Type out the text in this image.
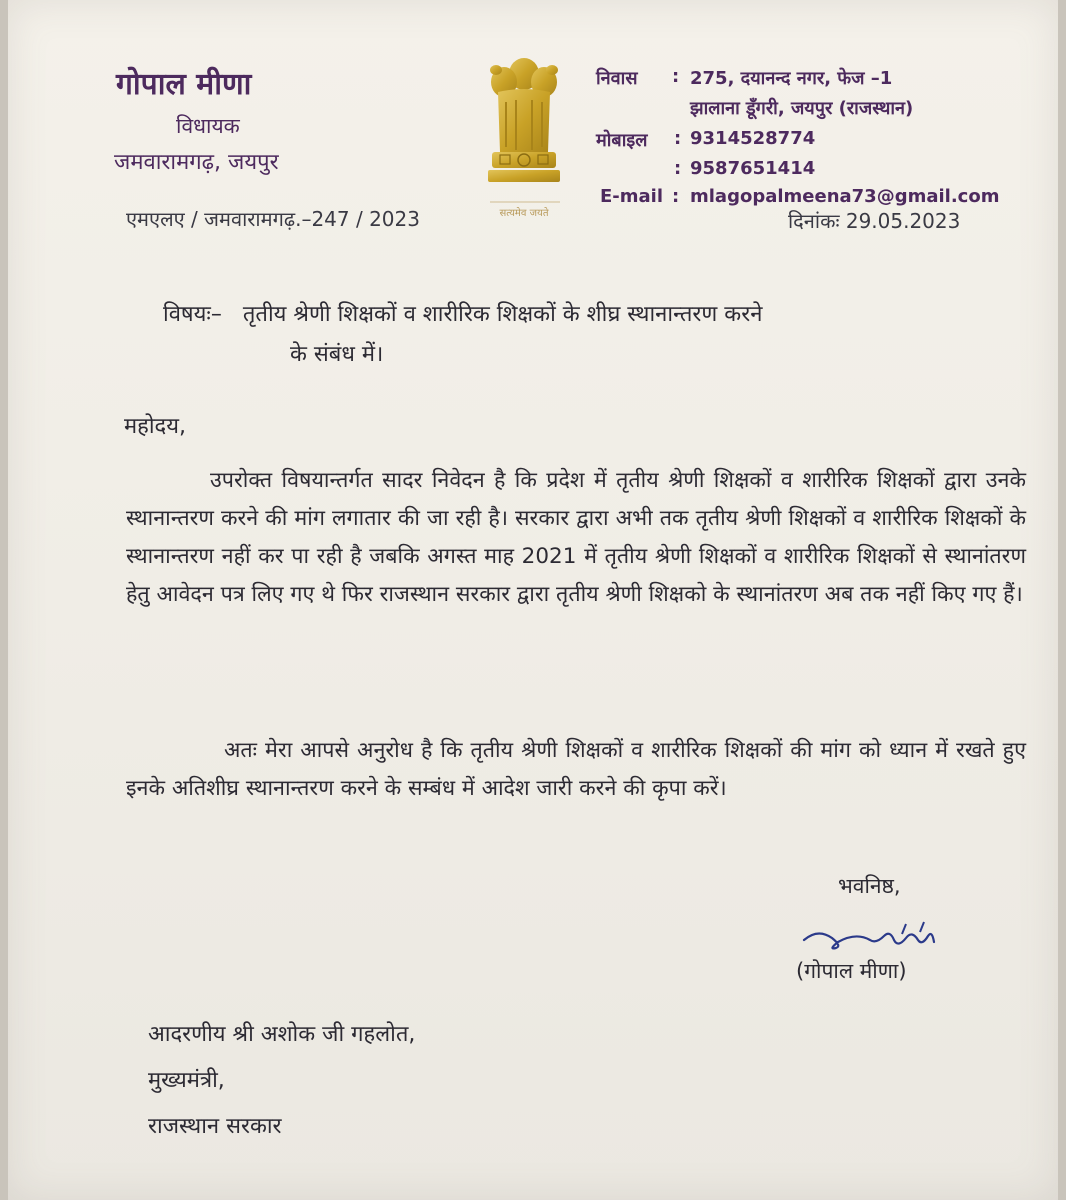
गोपाल मीणा
विधायक
जमवारामगढ़, जयपुर
एमएलए / जमवारामगढ़.–247 / 2023	सत्यमेव जयते
निवास : 275, दयानन्द नगर, फेज –1
झालाना डूँगरी, जयपुर (राजस्थान)
मोबाइल : 9314528774
: 9587651414
E-mail : mlagopalmeena73@gmail.com
दिनांकः 29.05.2023
विषयः– तृतीय श्रेणी शिक्षकों व शारीरिक शिक्षकों के शीघ्र स्थानान्तरण करने
के संबंध में।
महोदय,

उपरोक्त विषयान्तर्गत सादर निवेदन है कि प्रदेश में तृतीय श्रेणी शिक्षकों व शारीरिक शिक्षकों द्वारा उनके स्थानान्तरण करने की मांग लगातार की जा रही है। सरकार द्वारा अभी तक तृतीय श्रेणी शिक्षकों व शारीरिक शिक्षकों के स्थानान्तरण नहीं कर पा रही है जबकि अगस्त माह 2021 में तृतीय श्रेणी शिक्षकों व शारीरिक शिक्षकों से स्थानांतरण हेतु आवेदन पत्र लिए गए थे फिर राजस्थान सरकार द्वारा तृतीय श्रेणी शिक्षको के स्थानांतरण अब तक नहीं किए गए हैं।

अतः मेरा आपसे अनुरोध है कि तृतीय श्रेणी शिक्षकों व शारीरिक शिक्षकों की मांग को ध्यान में रखते हुए इनके अतिशीघ्र स्थानान्तरण करने के सम्बंध में आदेश जारी करने की कृपा करें।

भवनिष्ठ,
(गोपाल मीणा)
आदरणीय श्री अशोक जी गहलोत,
मुख्यमंत्री,
राजस्थान सरकार
